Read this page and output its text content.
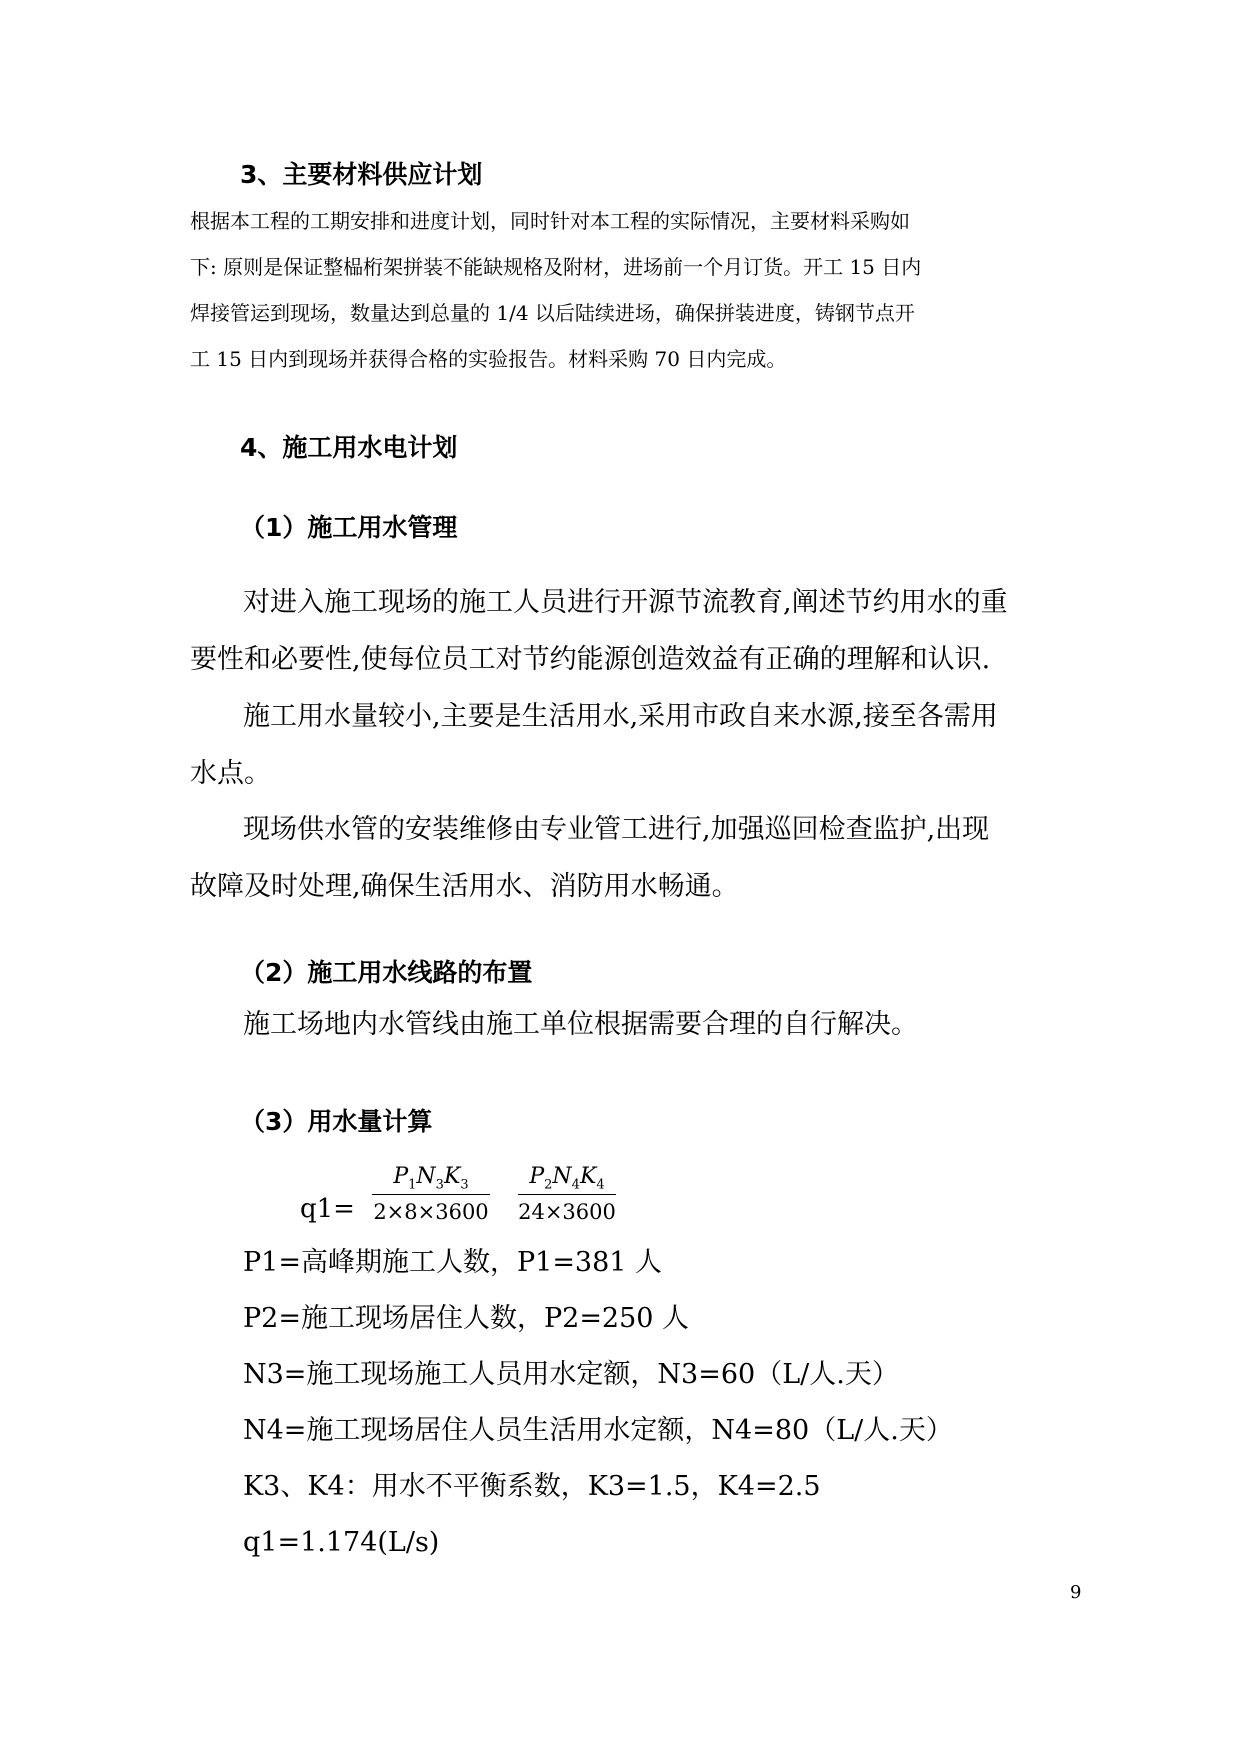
3、主要材料供应计划

根据本工程的工期安排和进度计划，同时针对本工程的实际情况，主要材料采购如

下: 原则是保证整榀桁架拼装不能缺规格及附材，进场前一个月订货。开工 15 日内

焊接管运到现场，数量达到总量的 1/4 以后陆续进场，确保拼装进度，铸钢节点开

工 15 日内到现场并获得合格的实验报告。材料采购 70 日内完成。

4、施工用水电计划
（1）施工用水管理

对进入施工现场的施工人员进行开源节流教育,阐述节约用水的重

要性和必要性,使每位员工对节约能源创造效益有正确的理解和认识.

施工用水量较小,主要是生活用水,采用市政自来水源,接至各需用

水点。

现场供水管的安装维修由专业管工进行,加强巡回检查监护,出现

故障及时处理,确保生活用水、消防用水畅通。

（2）施工用水线路的布置

施工场地内水管线由施工单位根据需要合理的自行解决。

（3）用水量计算
q1=
$P_1N_3K_3$
2×8×3600
$P_2N_4K_4$
24×3600

P1=高峰期施工人数，P1=381 人

P2=施工现场居住人数，P2=250 人

N3=施工现场施工人员用水定额，N3=60（L/人.天）

N4=施工现场居住人员生活用水定额，N4=80（L/人.天）

K3、K4：用水不平衡系数，K3=1.5，K4=2.5

q1=1.174(L/s)

9
